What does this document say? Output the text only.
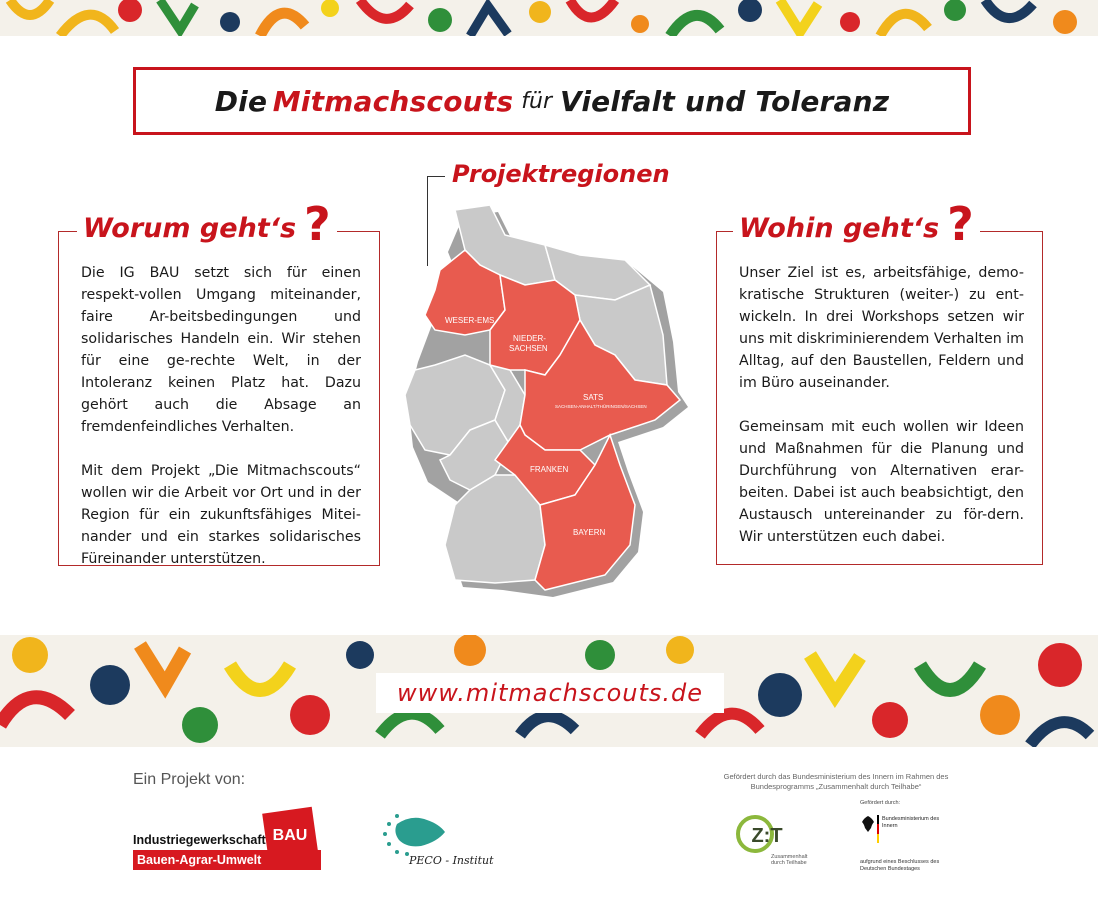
Die
Mitmachscouts für Vielfalt und Toleranz
Worum geht‘s ?

Die IG BAU setzt sich für einen respekt-vollen Umgang miteinander, faire Ar-beitsbedingungen und solidarisches Handeln ein. Wir stehen für eine ge-rechte Welt, in der Intoleranz keinen Platz hat. Dazu gehört auch die Absage an fremdenfeindliches Verhalten.

Mit dem Projekt „Die Mitmachscouts“ wollen wir die Arbeit vor Ort und in der Region für ein zukunftsfähiges Mitei-nander und ein starkes solidarisches Füreinander unterstützen.

Wohin geht‘s ?

Unser Ziel ist es, arbeitsfähige, demo-kratische Strukturen (weiter-) zu ent-wickeln. In drei Workshops setzen wir uns mit diskriminierendem Verhalten im Alltag, auf den Baustellen, Feldern und im Büro auseinander.

Gemeinsam mit euch wollen wir Ideen und Maßnahmen für die Planung und Durchführung von Alternativen erar-beiten. Dabei ist auch beabsichtigt, den Austausch untereinander zu för-dern. Wir unterstützen euch dabei.

Projektregionen
WESER-EMS
NIEDER-
SACHSEN
SATS
SACHSEN-ANHALT/THÜRINGEN/SACHSEN
FRANKEN
BAYERN
www.mitmachscouts.de
Ein Projekt von:
BAU
Industriegewerkschaft
Bauen-Agrar-Umwelt	PECO - Institut
Gefördert durch das Bundesministerium des Innern im Rahmen des Bundesprogramms „Zusammenhalt durch Teilhabe“
Z:T
Zusammenhalt
durch Teilhabe
Gefördert durch:
Bundesministerium des Innern
aufgrund eines Beschlusses des Deutschen Bundestages
